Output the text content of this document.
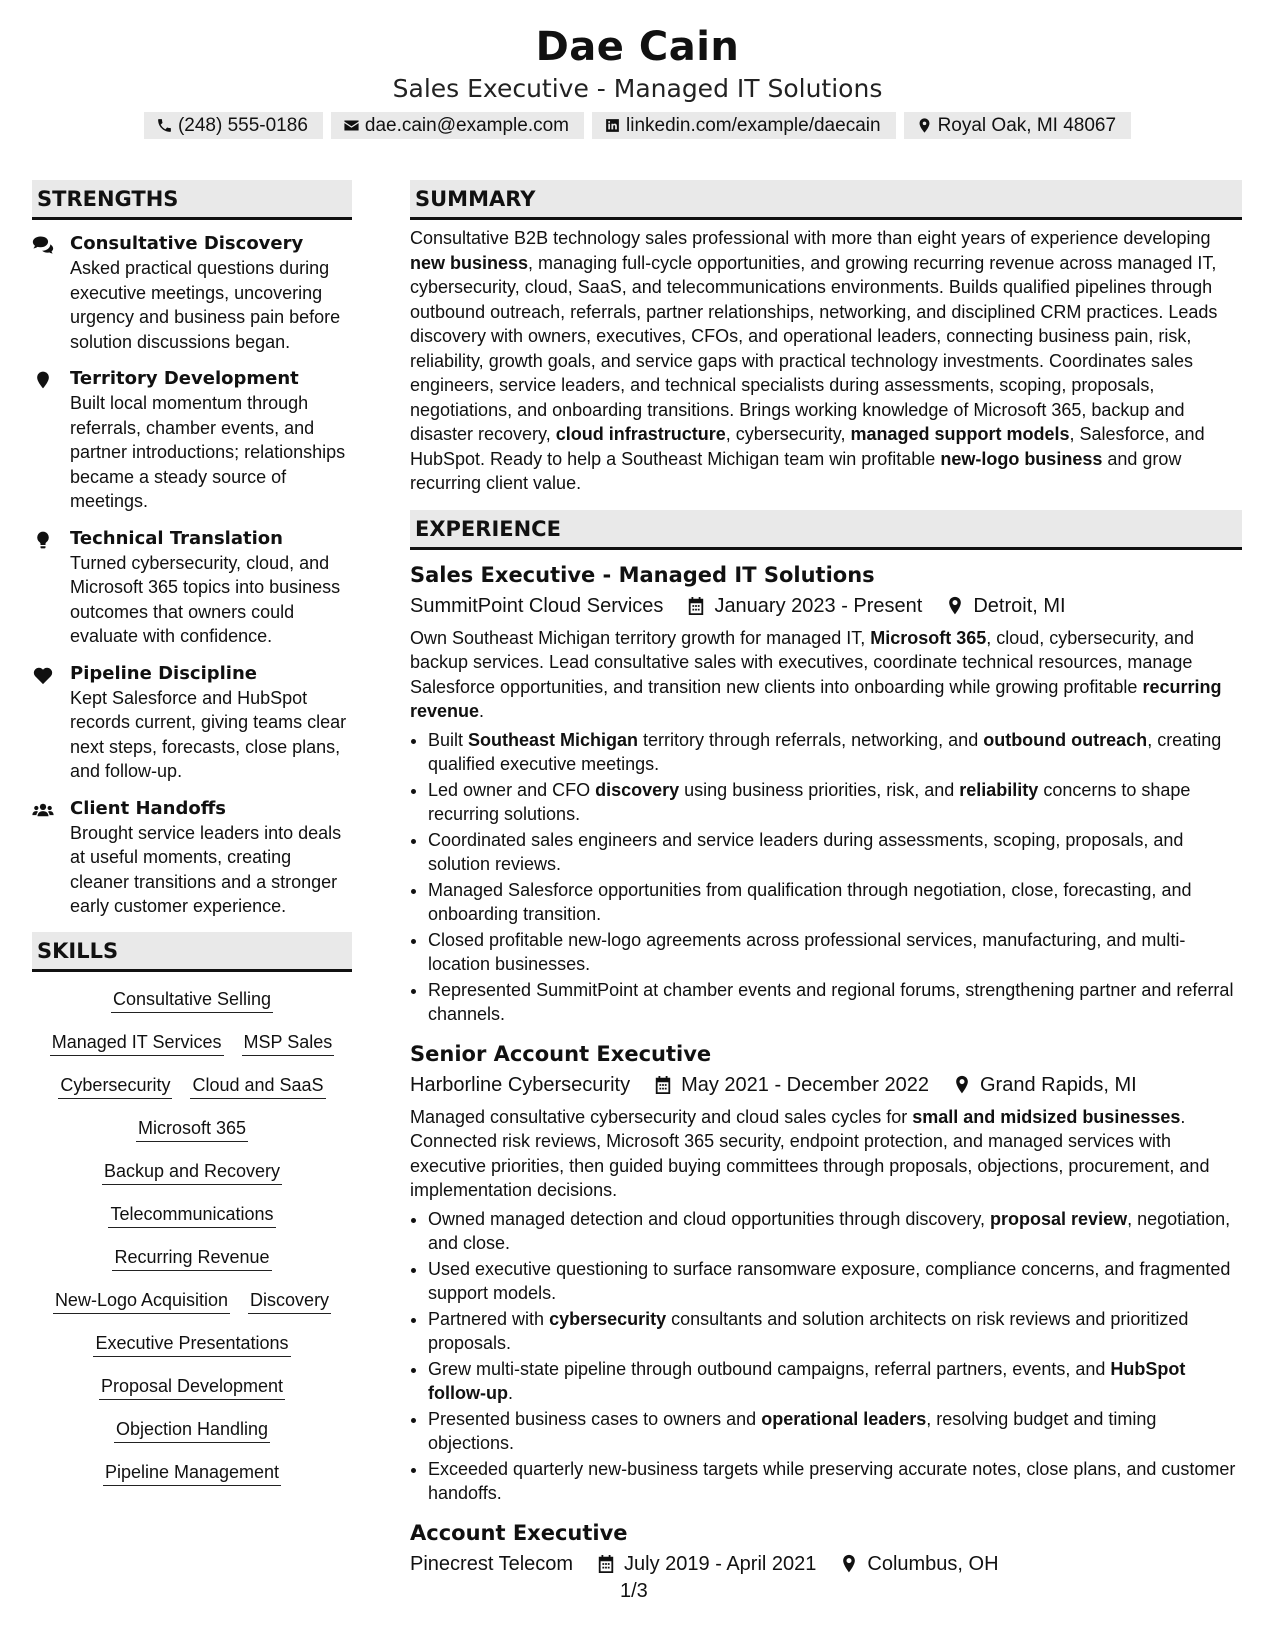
Dae Cain
Sales Executive - Managed IT Solutions
(248) 555-0186	dae.cain@example.com	linkedin.com/example/daecain	Royal Oak, MI 48067
STRENGTHS
Consultative Discovery
Asked practical questions during executive meetings, uncovering urgency and business pain before solution discussions began.
Territory Development
Built local momentum through referrals, chamber events, and partner introductions; relationships became a steady source of meetings.
Technical Translation
Turned cybersecurity, cloud, and Microsoft 365 topics into business outcomes that owners could evaluate with confidence.
Pipeline Discipline
Kept Salesforce and HubSpot records current, giving teams clear next steps, forecasts, close plans, and follow-up.
Client Handoffs
Brought service leaders into deals at useful moments, creating cleaner transitions and a stronger early customer experience.
SKILLS
Consultative Selling
Managed IT Services MSP Sales
Cybersecurity Cloud and SaaS
Microsoft 365
Backup and Recovery
Telecommunications
Recurring Revenue
New-Logo Acquisition Discovery
Executive Presentations
Proposal Development
Objection Handling
Pipeline Management
SUMMARY
Consultative B2B technology sales professional with more than eight years of experience developing new business, managing full-cycle opportunities, and growing recurring revenue across managed IT, cybersecurity, cloud, SaaS, and telecommunications environments. Builds qualified pipelines through outbound outreach, referrals, partner relationships, networking, and disciplined CRM practices. Leads discovery with owners, executives, CFOs, and operational leaders, connecting business pain, risk, reliability, growth goals, and service gaps with practical technology investments. Coordinates sales engineers, service leaders, and technical specialists during assessments, scoping, proposals, negotiations, and onboarding transitions. Brings working knowledge of Microsoft 365, backup and disaster recovery, cloud infrastructure, cybersecurity, managed support models, Salesforce, and HubSpot. Ready to help a Southeast Michigan team win profitable new-logo business and grow recurring client value.
EXPERIENCE
Sales Executive - Managed IT Solutions
SummitPoint Cloud Services	January 2023 - Present	Detroit, MI
Own Southeast Michigan territory growth for managed IT, Microsoft 365, cloud, cybersecurity, and backup services. Lead consultative sales with executives, coordinate technical resources, manage Salesforce opportunities, and transition new clients into onboarding while growing profitable recurring revenue.
• Built Southeast Michigan territory through referrals, networking, and outbound outreach, creating qualified executive meetings.
• Led owner and CFO discovery using business priorities, risk, and reliability concerns to shape recurring solutions.
• Coordinated sales engineers and service leaders during assessments, scoping, proposals, and solution reviews.
• Managed Salesforce opportunities from qualification through negotiation, close, forecasting, and onboarding transition.
• Closed profitable new-logo agreements across professional services, manufacturing, and multi-location businesses.
• Represented SummitPoint at chamber events and regional forums, strengthening partner and referral channels.
Senior Account Executive
Harborline Cybersecurity	May 2021 - December 2022	Grand Rapids, MI
Managed consultative cybersecurity and cloud sales cycles for small and midsized businesses. Connected risk reviews, Microsoft 365 security, endpoint protection, and managed services with executive priorities, then guided buying committees through proposals, objections, procurement, and implementation decisions.
• Owned managed detection and cloud opportunities through discovery, proposal review, negotiation, and close.
• Used executive questioning to surface ransomware exposure, compliance concerns, and fragmented support models.
• Partnered with cybersecurity consultants and solution architects on risk reviews and prioritized proposals.
• Grew multi-state pipeline through outbound campaigns, referral partners, events, and HubSpot follow-up.
• Presented business cases to owners and operational leaders, resolving budget and timing objections.
• Exceeded quarterly new-business targets while preserving accurate notes, close plans, and customer handoffs.
Account Executive
Pinecrest Telecom	July 2019 - April 2021	Columbus, OH
1/3
